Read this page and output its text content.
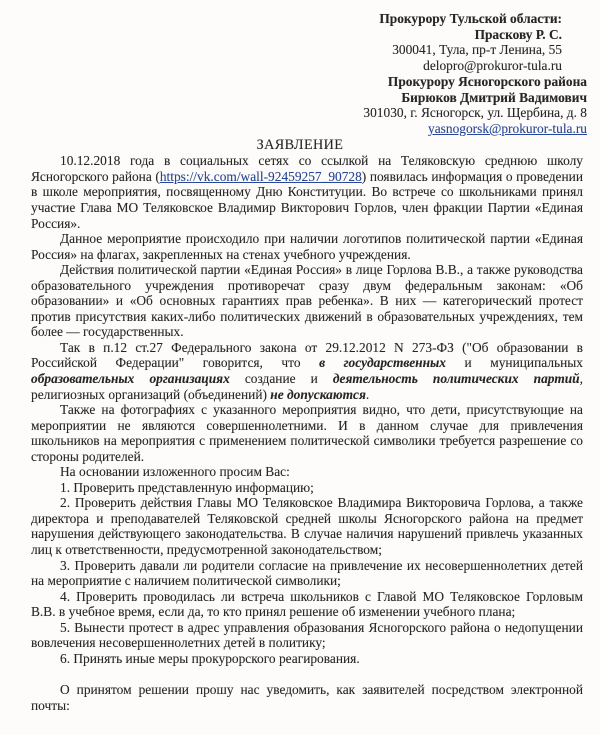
Прокурору Тульской области:
Праскову Р. С.
300041, Тула, пр-т Ленина, 55
delopro@prokuror-tula.ru
Прокурору Ясногорского района
Бирюков Дмитрий Вадимович
301030, г. Ясногорск, ул. Щербина, д. 8
yasnogorsk@prokuror-tula.ru
ЗАЯВЛЕНИЕ

10.12.2018 года в социальных сетях со ссылкой на Теляковскую среднюю школу Ясногорского района (https://vk.com/wall-92459257_90728) появилась информация о проведении в школе мероприятия, посвященному Дню Конституции. Во встрече со школьниками принял участие Глава МО Теляковское Владимир Викторович Горлов, член фракции Партии «Единая Россия».

Данное мероприятие происходило при наличии логотипов политической партии «Единая Россия» на флагах, закрепленных на стенах учебного учреждения.

Действия политической партии «Единая Россия» в лице Горлова В.В., а также руководства образовательного учреждения противоречат сразу двум федеральным законам: «Об образовании» и «Об основных гарантиях прав ребенка». В них — категорический протест против присутствия каких-либо политических движений в образовательных учреждениях, тем более — государственных.

Так в п.12 ст.27 Федерального закона от 29.12.2012 N 273-ФЗ ("Об образовании в Российской Федерации" говорится, что в государственных и муниципальных образовательных организациях создание и деятельность политических партий, религиозных организаций (объединений) не допускаются.

Также на фотографиях с указанного мероприятия видно, что дети, присутствующие на мероприятии не являются совершеннолетними. И в данном случае для привлечения школьников на мероприятия с применением политической символики требуется разрешение со стороны родителей.

На основании изложенного просим Вас:

1. Проверить представленную информацию;

2. Проверить действия Главы МО Теляковское Владимира Викторовича Горлова, а также директора и преподавателей Теляковской средней школы Ясногорского района на предмет нарушения действующего законодательства. В случае наличия нарушений привлечь указанных лиц к ответственности, предусмотренной законодательством;

3. Проверить давали ли родители согласие на привлечение их несовершеннолетних детей на мероприятие с наличием политической символики;

4. Проверить проводилась ли встреча школьников с Главой МО Теляковское Горловым В.В. в учебное время, если да, то кто принял решение об изменении учебного плана;

5. Вынести протест в адрес управления образования Ясногорского района о недопущении вовлечения несовершеннолетних детей в политику;

6. Принять иные меры прокурорского реагирования.

О принятом решении прошу нас уведомить, как заявителей посредством электронной почты:
